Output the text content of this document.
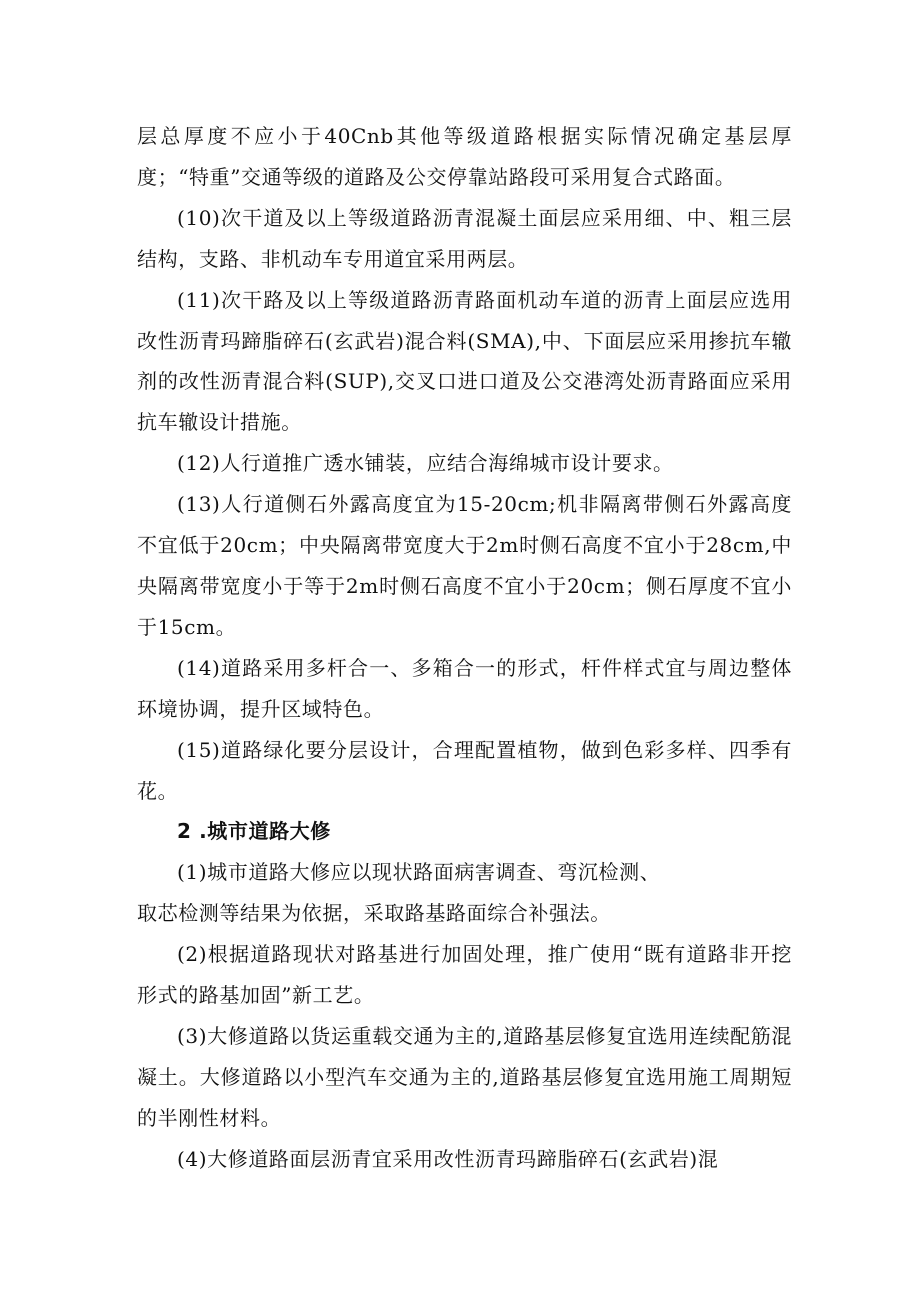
层总厚度不应小于40Cnb其他等级道路根据实际情况确定基层厚度；“特重”交通等级的道路及公交停靠站路段可采用复合式路面。

(10)次干道及以上等级道路沥青混凝土面层应采用细、中、粗三层结构，支路、非机动车专用道宜采用两层。

(11)次干路及以上等级道路沥青路面机动车道的沥青上面层应选用改性沥青玛蹄脂碎石(玄武岩)混合料(SMA),中、下面层应采用掺抗车辙剂的改性沥青混合料(SUP),交叉口进口道及公交港湾处沥青路面应采用抗车辙设计措施。

(12)人行道推广透水铺装，应结合海绵城市设计要求。

(13)人行道侧石外露高度宜为15-20cm;机非隔离带侧石外露高度不宜低于20cm；中央隔离带宽度大于2m时侧石高度不宜小于28cm,中央隔离带宽度小于等于2m时侧石高度不宜小于20cm；侧石厚度不宜小于15cm。

(14)道路采用多杆合一、多箱合一的形式，杆件样式宜与周边整体环境协调，提升区域特色。

(15)道路绿化要分层设计，合理配置植物，做到色彩多样、四季有花。

2 .城市道路大修

(1)城市道路大修应以现状路面病害调查、弯沉检测、
取芯检测等结果为依据，采取路基路面综合补强法。

(2)根据道路现状对路基进行加固处理，推广使用“既有道路非开挖形式的路基加固”新工艺。

(3)大修道路以货运重载交通为主的,道路基层修复宜选用连续配筋混凝土。大修道路以小型汽车交通为主的,道路基层修复宜选用施工周期短的半刚性材料。

(4)大修道路面层沥青宜采用改性沥青玛蹄脂碎石(玄武岩)混
